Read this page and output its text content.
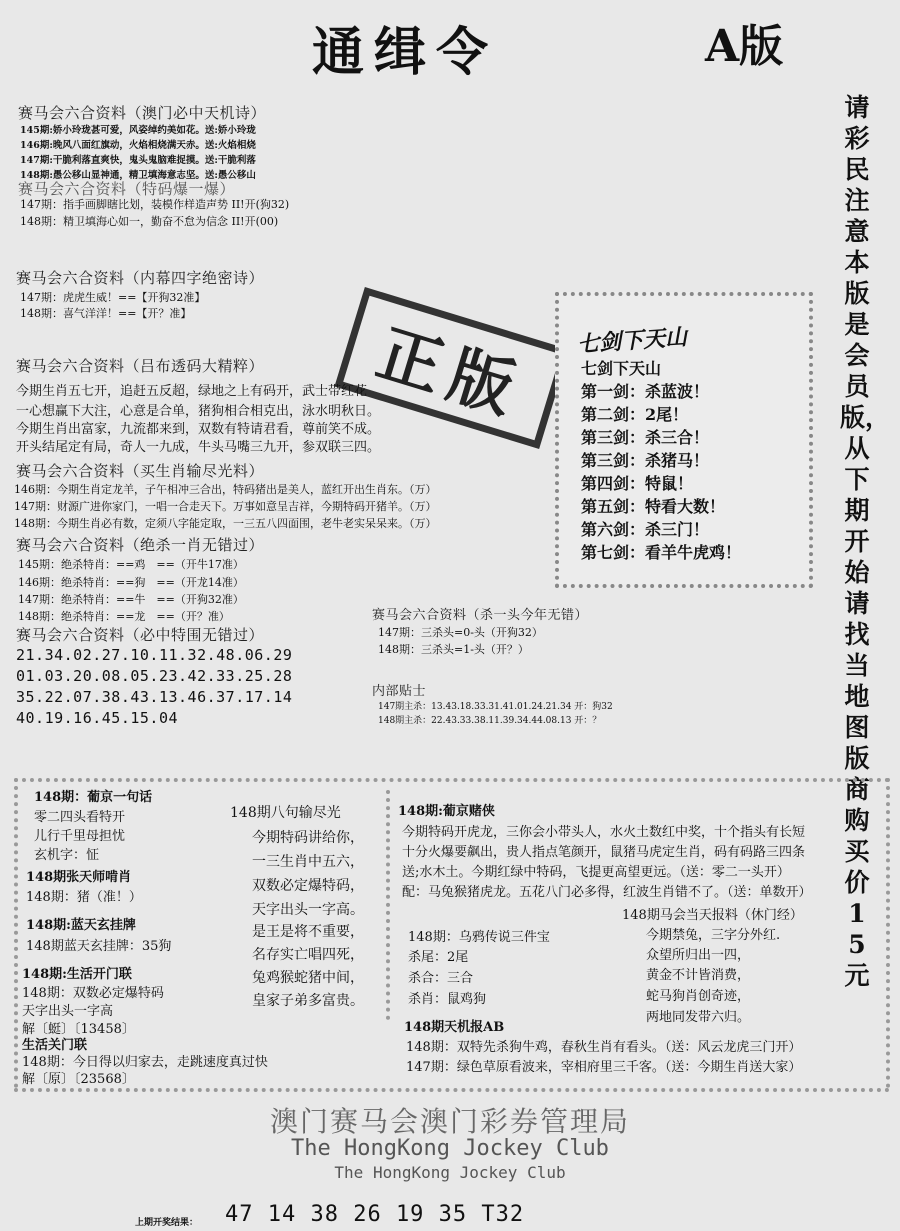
通缉令	A版
请彩民注意本版是会员版，从下期开始请找当地图版商购买价15元
赛马会六合资料（澳门必中天机诗）
145期:娇小玲珑甚可爱，风姿绰约美如花。送:娇小玲珑
146期:晚风八面红旗动，火焰相烧满天赤。送:火焰相烧
147期:干脆利落直爽快，鬼头鬼脑难捉摸。送:干脆利落
148期:愚公移山显神通，精卫填海意志坚。送:愚公移山
赛马会六合资料（特码爆一爆）
147期：指手画脚瞎比划，装模作样造声势 II!开(狗32)
148期：精卫填海心如一，勤奋不怠为信念 II!开(00)
赛马会六合资料（内幕四字绝密诗）
147期：虎虎生威！==【开狗32准】
148期：喜气洋洋！==【开？准】
正版
赛马会六合资料（吕布透码大精粹）
今期生肖五七开，追赶五反超，绿地之上有码开，武士带红花
一心想赢下大注，心意是合单，猪狗相合相克出，泳水明秋日。
今期生肖出富家，九流都来到，双数有特请君看，尊前笑不成。
开头结尾定有局，奇人一九成，牛头马嘴三九开，参双联三四。
赛马会六合资料（买生肖输尽光料）
146期：今期生肖定龙羊，子午相冲三合出，特码猪出是美人，蓝红开出生肖东。（万）
147期：财源广进你家门，一唱一合走天下。万事如意呈吉祥，今期特码开猪羊。（万）
148期：今期生肖必有数，定须八字能定取，一三五八四面围，老牛老实呆呆来。（万）
赛马会六合资料（绝杀一肖无错过）
145期：绝杀特肖：==鸡　==（开牛17准）
146期：绝杀特肖：==狗　==（开龙14准）
147期：绝杀特肖：==牛　==（开狗32准）
148期：绝杀特肖：==龙　==（开？准）
赛马会六合资料（必中特围无错过）
21.34.02.27.10.11.32.48.06.29
01.03.20.08.05.23.42.33.25.28
35.22.07.38.43.13.46.37.17.14
40.19.16.45.15.04
赛马会六合资料（杀一头今年无错）
147期：三杀头=0-头（开狗32）
148期：三杀头=1-头（开？）
内部贴士
147期主杀：13.43.18.33.31.41.01.24.21.34 开：狗32
148期主杀：22.43.33.38.11.39.34.44.08.13 开：？
七剑下天山
七剑下天山
第一剑：杀蓝波！
第二剑：2尾！
第三剑：杀三合！
第三剑：杀猪马！
第四剑：特鼠！
第五剑：特看大数！
第六剑：杀三门！
第七剑：看羊牛虎鸡！
148期：葡京一句话
零二四头看特开
儿行千里母担忧
玄机字：怔
148期张天师啃肖
148期：猪（准！）
148期:蓝天玄挂牌
148期蓝天玄挂牌：35狗
148期:生活开门联
148期：双数必定爆特码
天字出头一字高
解〔蜓〕〔13458〕
生活关门联
148期：今日得以归家去，走跳速度真过快
解〔原〕〔23568〕
148期八句输尽光
今期特码讲给你，
一三生肖中五六，
双数必定爆特码，
天字出头一字高。
是王是将不重要，
名存实亡唱四死，
兔鸡猴蛇猪中间，
皇家子弟多富贵。
148期:葡京赌侠
今期特码开虎龙，三你会小带头人，水火土数红中奖，十个指头有长短
十分火爆要飙出，贵人指点笔颜开，鼠猪马虎定生肖，码有码路三四条
送;水木土。今期红绿中特码，飞提更高望更远。（送：零二一头开）
配：马兔猴猪虎龙。五花八门必多得，红波生肖错不了。（送：单数开）
148期马会当天报料（休门经）
今期禁兔，三字分外红.
众望所归出一四，
黄金不计皆消费，
蛇马狗肖创奇迹，
两地同发带六归。
148期：乌鸦传说三件宝
杀尾：2尾
杀合：三合
杀肖：鼠鸡狗
148期天机报AB
148期：双特先杀狗牛鸡，春秋生肖有看头。（送：风云龙虎三门开）
147期：绿色草原看波来，宰相府里三千客。（送：今期生肖送大家）
澳门赛马会澳门彩券管理局
The HongKong Jockey Club
The HongKong Jockey Club
上期开奖结果： 47 14 38 26 19 35 T32
